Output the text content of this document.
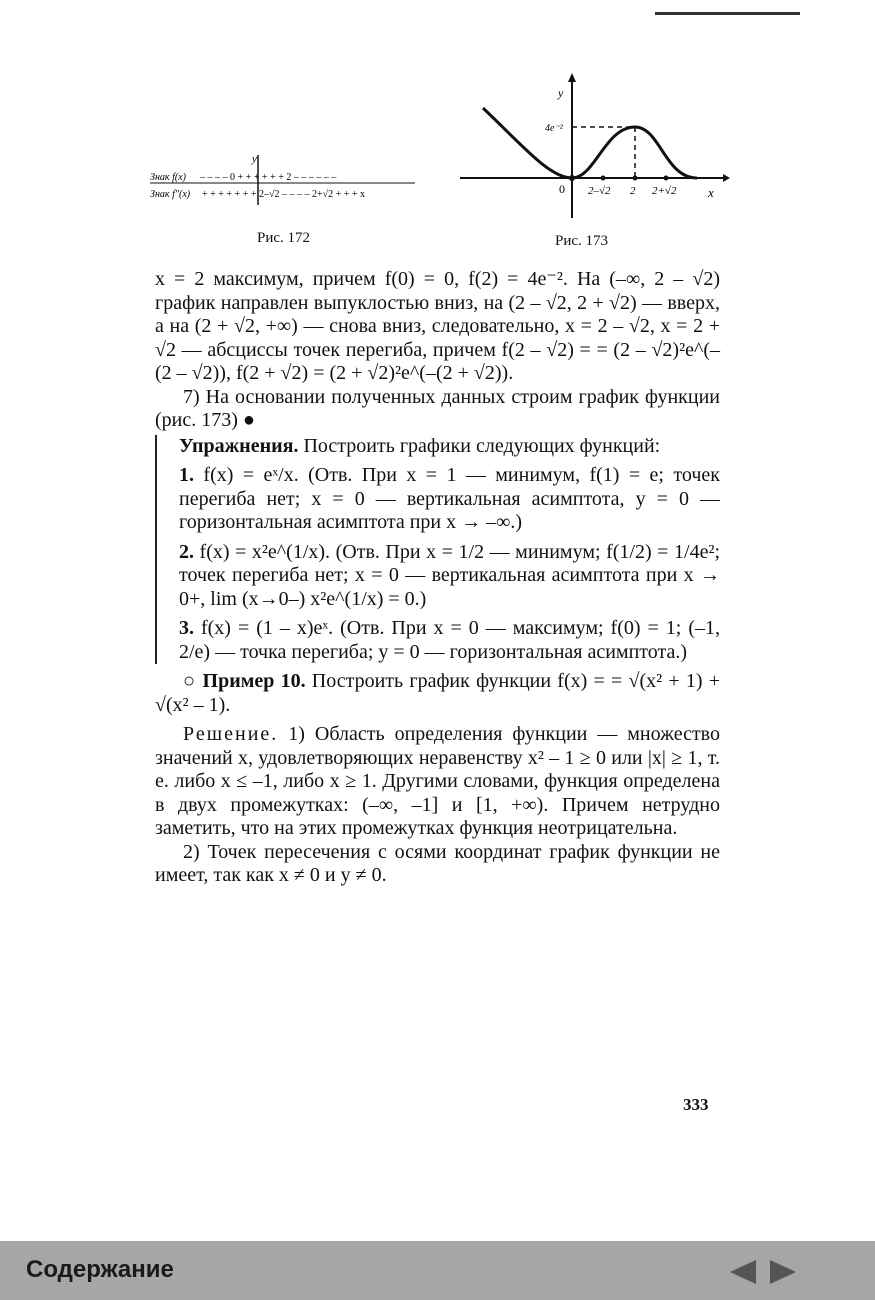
y
Знак f(x) – – – – 0 + + + + + + 2 – – – – – –
Знак f″(x) + + + + + + + 2–√2 – – – – 2+√2 + + + x
Рис. 172
y
x
0
4e⁻²
2–√2 2 2+√2
Рис. 173

x = 2 максимум, причем f(0) = 0, f(2) = 4e⁻². На (–∞, 2 – √2) график направлен выпуклостью вниз, на (2 – √2, 2 + √2) — вверх, а на (2 + √2, +∞) — снова вниз, следовательно, x = 2 – √2, x = 2 + √2 — абсциссы точек перегиба, причем f(2 – √2) = = (2 – √2)²e^(–(2 – √2)), f(2 + √2) = (2 + √2)²e^(–(2 + √2)).

7) На основании полученных данных строим график функции (рис. 173) ●

Упражнения. Построить графики следующих функций:

1. f(x) = eˣ/x. (Отв. При x = 1 — минимум, f(1) = e; точек перегиба нет; x = 0 — вертикальная асимптота, y = 0 — горизонтальная асимптота при x → –∞.)

2. f(x) = x²e^(1/x). (Отв. При x = 1/2 — минимум; f(1/2) = 1/4e²; точек перегиба нет; x = 0 — вертикальная асимптота при x → 0+, lim (x→0–) x²e^(1/x) = 0.)

3. f(x) = (1 – x)eˣ. (Отв. При x = 0 — максимум; f(0) = 1; (–1, 2/e) — точка перегиба; y = 0 — горизонтальная асимптота.)

○ Пример 10. Построить график функции f(x) = = √(x² + 1) + √(x² – 1).

Решение. 1) Область определения функции — множество значений x, удовлетворяющих неравенству x² – 1 ≥ 0 или |x| ≥ 1, т. е. либо x ≤ –1, либо x ≥ 1. Другими словами, функция определена в двух промежутках: (–∞, –1] и [1, +∞). Причем нетрудно заметить, что на этих промежутках функция неотрицательна.

2) Точек пересечения с осями координат график функции не имеет, так как x ≠ 0 и y ≠ 0.

333
Содержание
